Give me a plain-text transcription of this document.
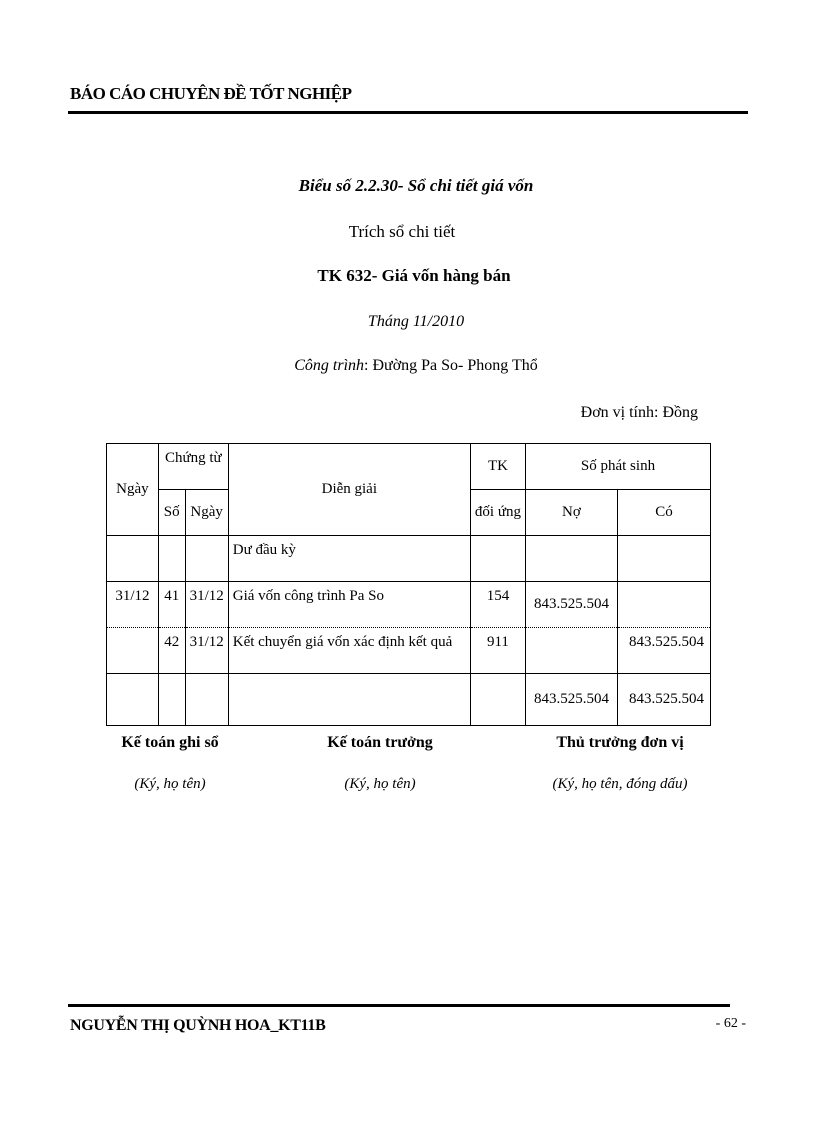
BÁO CÁO CHUYÊN ĐỀ TỐT NGHIỆP
Biểu số 2.2.30- Sổ chi tiết giá vốn
Trích sổ chi tiết
TK 632- Giá vốn hàng bán
Tháng 11/2010
Công trình: Đường Pa So- Phong Thổ
Đơn vị tính: Đồng
Ngày	Chứng từ		Diễn giải	TK	Số phát sinh	
	Số	Ngày		đối ứng	Nợ	Có
			Dư đầu kỳ			
31/12	41	31/12	Giá vốn công trình Pa So	154	843.525.504	
	42	31/12	Kết chuyển giá vốn xác định kết quả	911		843.525.504
					843.525.504	843.525.504
Kế toán ghi sổ
(Ký, họ tên)
Kế toán trưởng
(Ký, họ tên)
Thủ trưởng đơn vị
(Ký, họ tên, đóng dấu)
NGUYỄN THỊ QUỲNH HOA_KT11B	- 62 -
